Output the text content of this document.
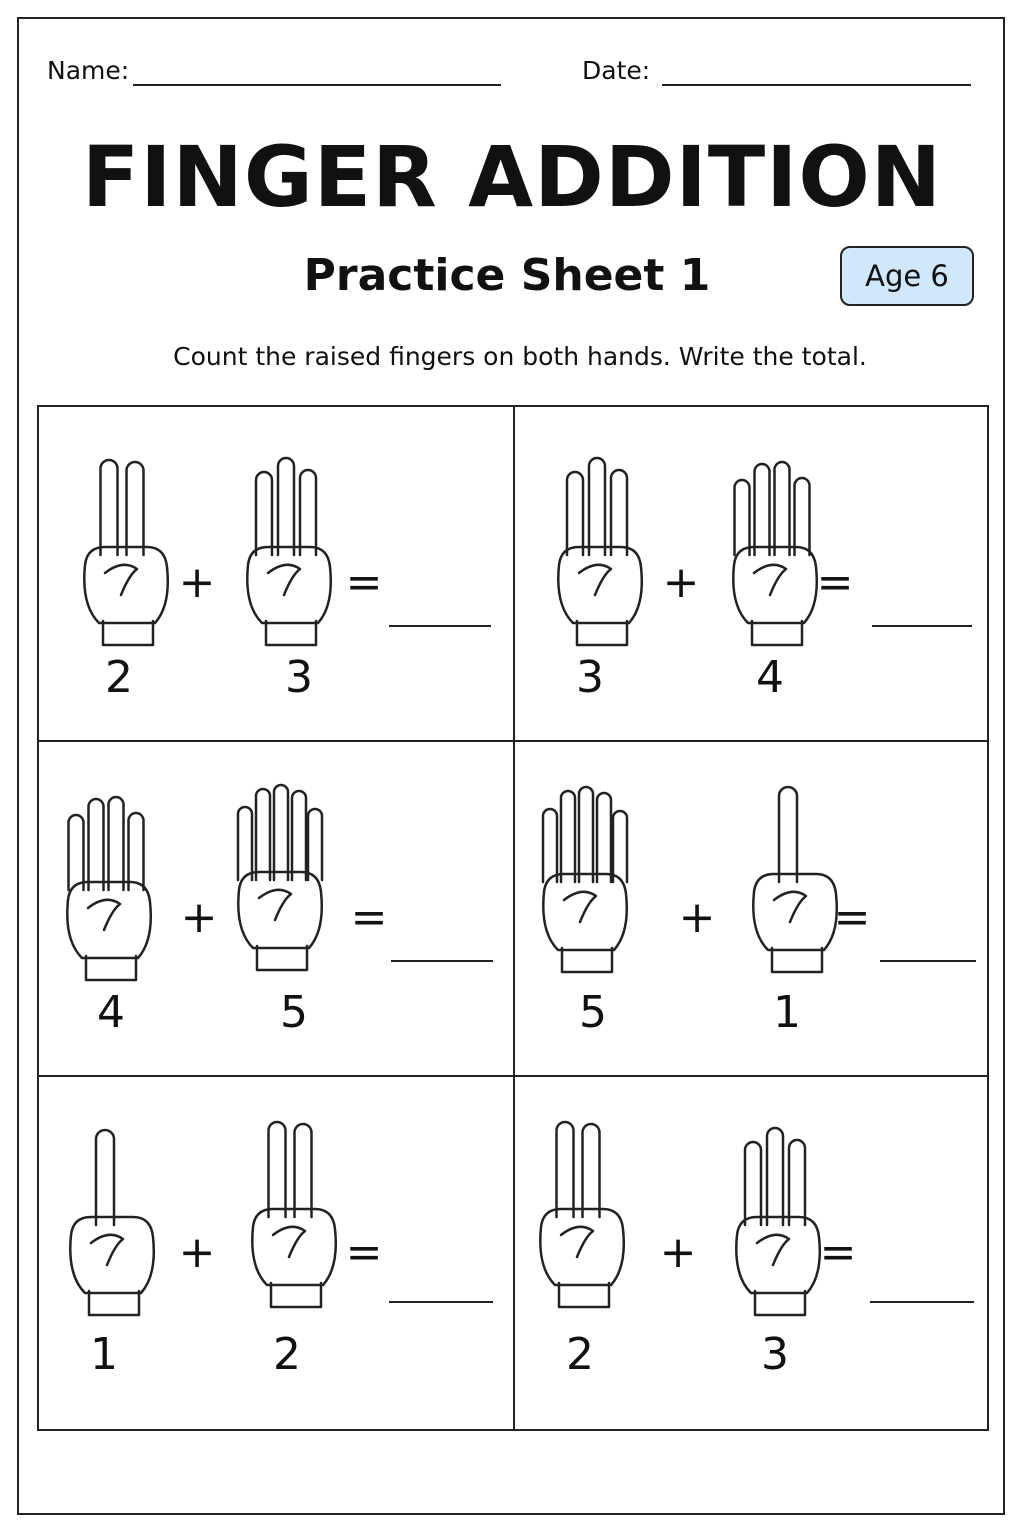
Name:	Date:
FINGER ADDITION
Practice Sheet 1	Age 6
Count the raised fingers on both hands. Write the total.
2	3
+	=
3	4
+	=
4	5
+	=
5	1
+	=
1	2
+	=
2	3
+	=
